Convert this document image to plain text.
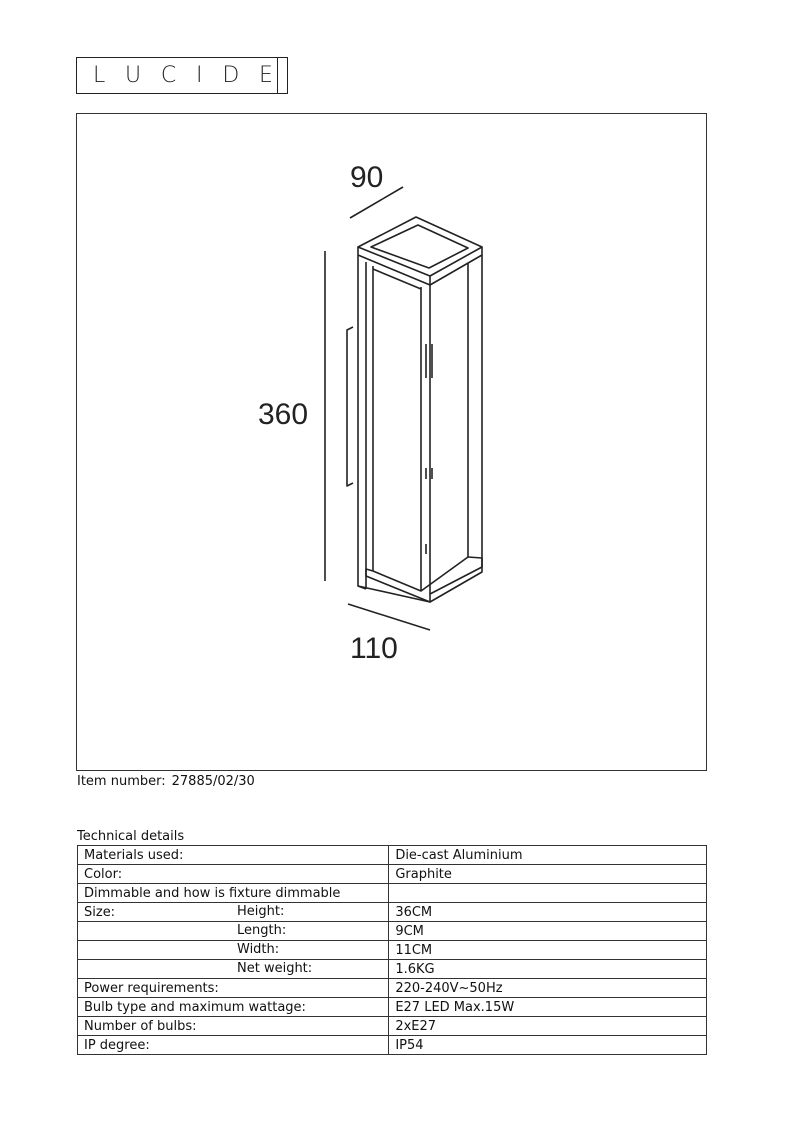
L U C I D E
90
360
110
Item number: 27885/02/30
Technical details
Materials used:	Die-cast Aluminium
Color:	Graphite
Dimmable and how is fixture dimmable

Size: Height:	36CM

Length:	9CM

Width:	11CM

Net weight:	1.6KG
Power requirements:	220-240V~50Hz
Bulb type and maximum wattage:	E27 LED Max.15W
Number of bulbs:	2xE27
IP degree:	IP54
